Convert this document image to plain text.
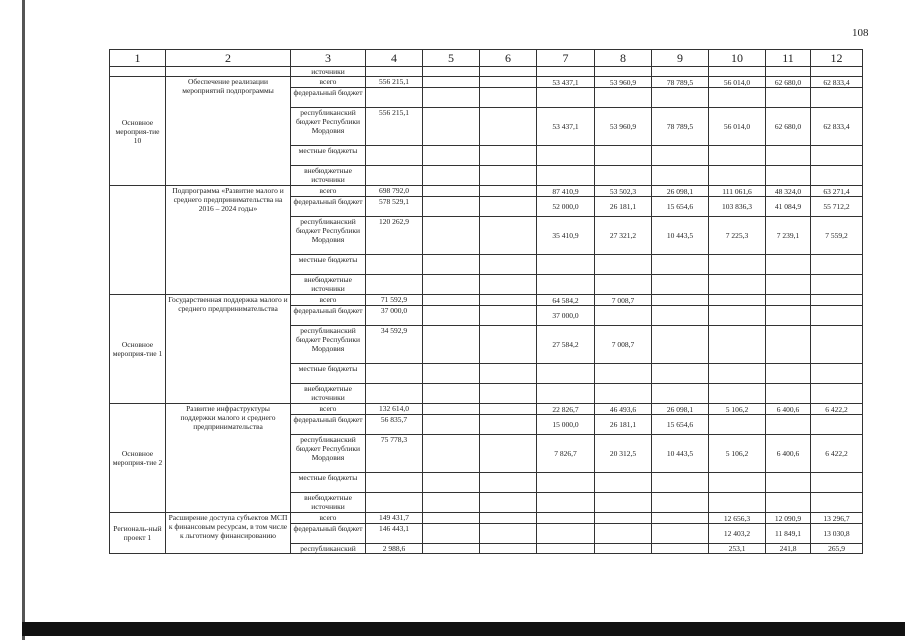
108
1	2	3	4	5	6	7	8	9	10	11	12
		источники									
Основное мероприя-тие 10	Обеспечение реализации мероприятий подпрограммы	всего	556 215,1			53 437,1	53 960,9	78 789,5	56 014,0	62 680,0	62 833,4
		федеральный бюджет									
		республиканский бюджет Республики Мордовия	556 215,1			53 437,1	53 960,9	78 789,5	56 014,0	62 680,0	62 833,4
		местные бюджеты									
		внебюджетные источники									
	Подпрограмма «Развитие малого и среднего предпринимательства на 2016 – 2024 годы»	всего	698 792,0			87 410,9	53 502,3	26 098,1	111 061,6	48 324,0	63 271,4
		федеральный бюджет	578 529,1			52 000,0	26 181,1	15 654,6	103 836,3	41 084,9	55 712,2
		республиканский бюджет Республики Мордовия	120 262,9			35 410,9	27 321,2	10 443,5	7 225,3	7 239,1	7 559,2
		местные бюджеты									
		внебюджетные источники									
Основное мероприя-тие 1	Государственная поддержка малого и среднего предпринимательства	всего	71 592,9			64 584,2	7 008,7				
		федеральный бюджет	37 000,0			37 000,0					
		республиканский бюджет Республики Мордовия	34 592,9			27 584,2	7 008,7				
		местные бюджеты									
		внебюджетные источники									
Основное мероприя-тие 2	Развитие инфраструктуры поддержки малого и среднего предпринимательства	всего	132 614,0			22 826,7	46 493,6	26 098,1	5 106,2	6 400,6	6 422,2
		федеральный бюджет	56 835,7			15 000,0	26 181,1	15 654,6			
		республиканский бюджет Республики Мордовия	75 778,3			7 826,7	20 312,5	10 443,5	5 106,2	6 400,6	6 422,2
		местные бюджеты									
		внебюджетные источники									
Региональ-ный проект 1	Расширение доступа субъектов МСП к финансовым ресурсам, в том числе к льготному финансированию	всего	149 431,7						12 656,3	12 090,9	13 296,7
		федеральный бюджет	146 443,1						12 403,2	11 849,1	13 030,8
		республиканский	2 988,6						253,1	241,8	265,9
